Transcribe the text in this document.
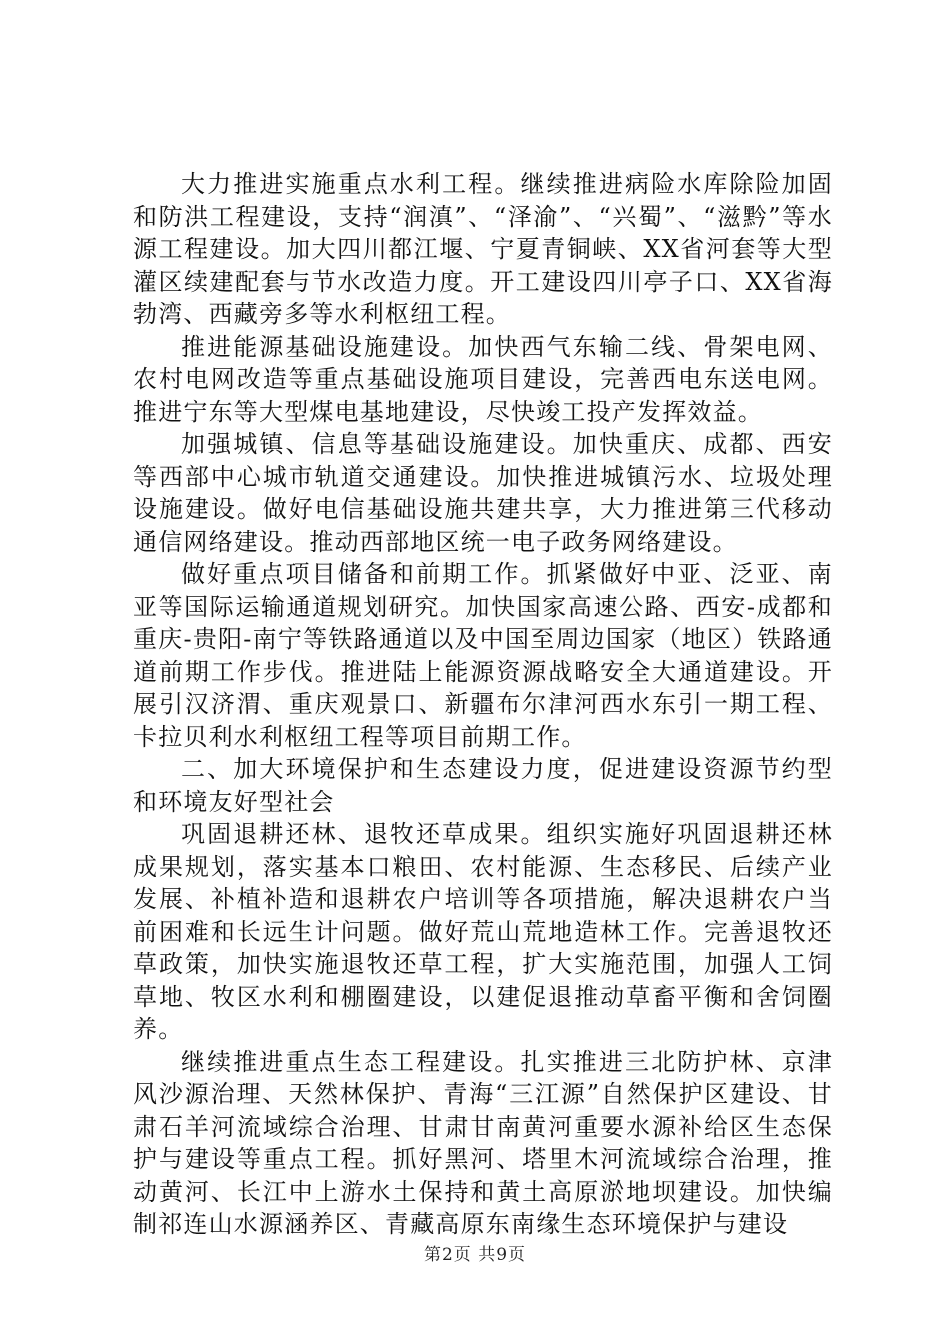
大力推进实施重点水利工程。继续推进病险水库除险加固和防洪工程建设，支持“润滇”、“泽渝”、“兴蜀”、“滋黔”等水源工程建设。加大四川都江堰、宁夏青铜峡、XX省河套等大型灌区续建配套与节水改造力度。开工建设四川亭子口、XX省海勃湾、西藏旁多等水利枢纽工程。

推进能源基础设施建设。加快西气东输二线、骨架电网、农村电网改造等重点基础设施项目建设，完善西电东送电网。推进宁东等大型煤电基地建设，尽快竣工投产发挥效益。

加强城镇、信息等基础设施建设。加快重庆、成都、西安等西部中心城市轨道交通建设。加快推进城镇污水、垃圾处理设施建设。做好电信基础设施共建共享，大力推进第三代移动通信网络建设。推动西部地区统一电子政务网络建设。

做好重点项目储备和前期工作。抓紧做好中亚、泛亚、南亚等国际运输通道规划研究。加快国家高速公路、西安-成都和重庆-贵阳-南宁等铁路通道以及中国至周边国家（地区）铁路通道前期工作步伐。推进陆上能源资源战略安全大通道建设。开展引汉济渭、重庆观景口、新疆布尔津河西水东引一期工程、卡拉贝利水利枢纽工程等项目前期工作。

二、加大环境保护和生态建设力度，促进建设资源节约型和环境友好型社会

巩固退耕还林、退牧还草成果。组织实施好巩固退耕还林成果规划，落实基本口粮田、农村能源、生态移民、后续产业发展、补植补造和退耕农户培训等各项措施，解决退耕农户当前困难和长远生计问题。做好荒山荒地造林工作。完善退牧还草政策，加快实施退牧还草工程，扩大实施范围，加强人工饲草地、牧区水利和棚圈建设，以建促退推动草畜平衡和舍饲圈养。

继续推进重点生态工程建设。扎实推进三北防护林、京津风沙源治理、天然林保护、青海“三江源”自然保护区建设、甘肃石羊河流域综合治理、甘肃甘南黄河重要水源补给区生态保护与建设等重点工程。抓好黑河、塔里木河流域综合治理，推动黄河、长江中上游水土保持和黄土高原淤地坝建设。加快编制祁连山水源涵养区、青藏高原东南缘生态环境保护与建设

第2页 共9页
